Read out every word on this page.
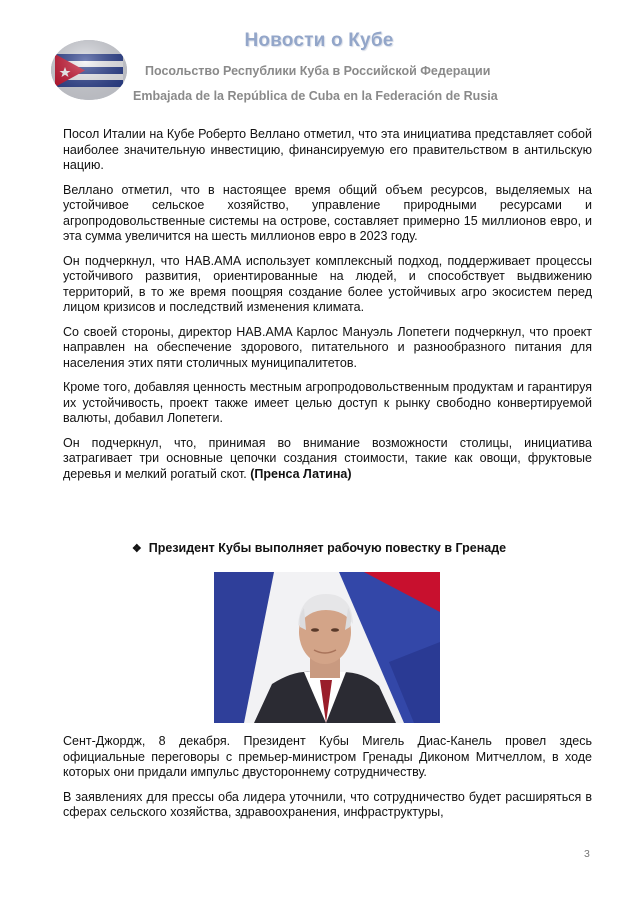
Новости о Кубе
Посольство Республики Куба в Российской Федерации
Embajada de la República de Cuba en la Federación de Rusia

Посол Италии на Кубе Роберто Веллано отметил, что эта инициатива представляет собой наиболее значительную инвестицию, финансируемую его правительством в антильскую нацию.

Веллано отметил, что в настоящее время общий объем ресурсов, выделяемых на устойчивое сельское хозяйство, управление природными ресурсами и агропродовольственные системы на острове, составляет примерно 15 миллионов евро, и эта сумма увеличится на шесть миллионов евро в 2023 году.

Он подчеркнул, что HAB.AMA использует комплексный подход, поддерживает процессы устойчивого развития, ориентированные на людей, и способствует выдвижению территорий, в то же время поощряя создание более устойчивых агро экосистем перед лицом кризисов и последствий изменения климата.

Со своей стороны, директор HAB.AMA Карлос Мануэль Лопетеги подчеркнул, что проект направлен на обеспечение здорового, питательного и разнообразного питания для населения этих пяти столичных муниципалитетов.

Кроме того, добавляя ценность местным агропродовольственным продуктам и гарантируя их устойчивость, проект также имеет целью доступ к рынку свободно конвертируемой валюты, добавил Лопетеги.

Он подчеркнул, что, принимая во внимание возможности столицы, инициатива затрагивает три основные цепочки создания стоимости, такие как овощи, фруктовые деревья и мелкий рогатый скот. (Пренса Латина)

❖ Президент Кубы выполняет рабочую повестку в Гренаде

Сент-Джордж, 8 декабря. Президент Кубы Мигель Диас-Канель провел здесь официальные переговоры с премьер-министром Гренады Диконом Митчеллом, в ходе которых они придали импульс двустороннему сотрудничеству.

В заявлениях для прессы оба лидера уточнили, что сотрудничество будет расширяться в сферах сельского хозяйства, здравоохранения, инфраструктуры,

3
